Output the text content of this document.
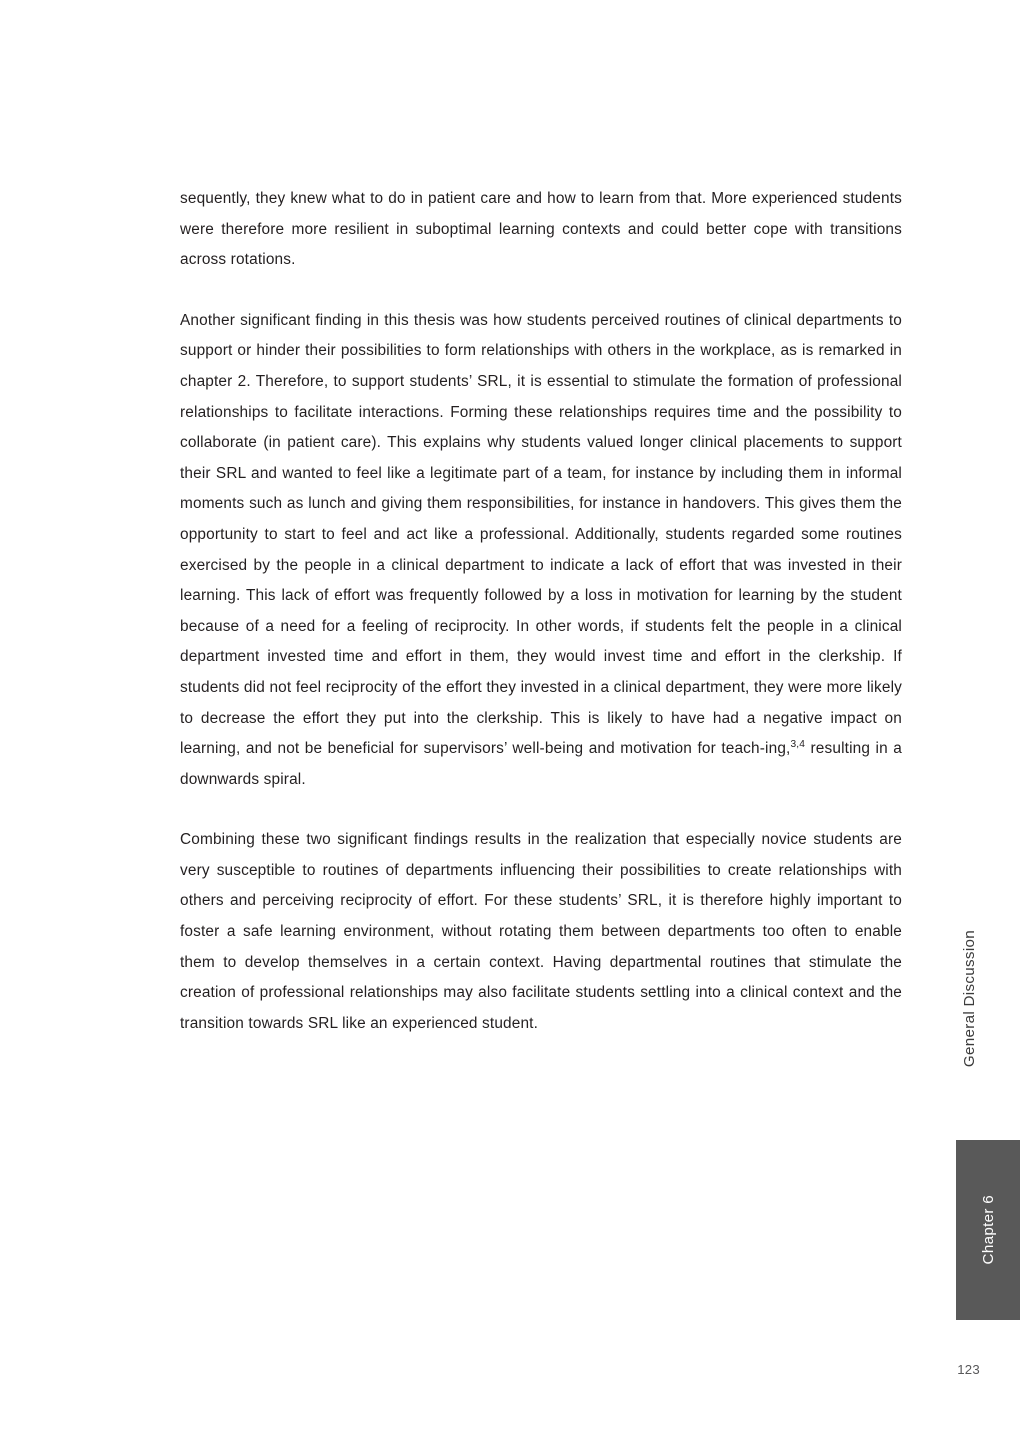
sequently, they knew what to do in patient care and how to learn from that. More experienced students were therefore more resilient in suboptimal learning contexts and could better cope with transitions across rotations.

Another significant finding in this thesis was how students perceived routines of clinical departments to support or hinder their possibilities to form relationships with others in the workplace, as is remarked in chapter 2. Therefore, to support students’ SRL, it is essential to stimulate the formation of professional relationships to facilitate interactions. Forming these relationships requires time and the possibility to collaborate (in patient care). This explains why students valued longer clinical placements to support their SRL and wanted to feel like a legitimate part of a team, for instance by including them in informal moments such as lunch and giving them responsibilities, for instance in handovers. This gives them the opportunity to start to feel and act like a professional. Additionally, students regarded some routines exercised by the people in a clinical department to indicate a lack of effort that was invested in their learning. This lack of effort was frequently followed by a loss in motivation for learning by the student because of a need for a feeling of reciprocity. In other words, if students felt the people in a clinical department invested time and effort in them, they would invest time and effort in the clerkship. If students did not feel reciprocity of the effort they invested in a clinical department, they were more likely to decrease the effort they put into the clerkship. This is likely to have had a negative impact on learning, and not be beneficial for supervisors’ well-being and motivation for teach-ing,$^{3,4}$ resulting in a downwards spiral.

Combining these two significant findings results in the realization that especially novice students are very susceptible to routines of departments influencing their possibilities to create relationships with others and perceiving reciprocity of effort. For these students’ SRL, it is therefore highly important to foster a safe learning environment, without rotating them between departments too often to enable them to develop themselves in a certain context. Having departmental routines that stimulate the creation of professional relationships may also facilitate students settling into a clinical context and the transition towards SRL like an experienced student.	General Discussion
Chapter 6
123
